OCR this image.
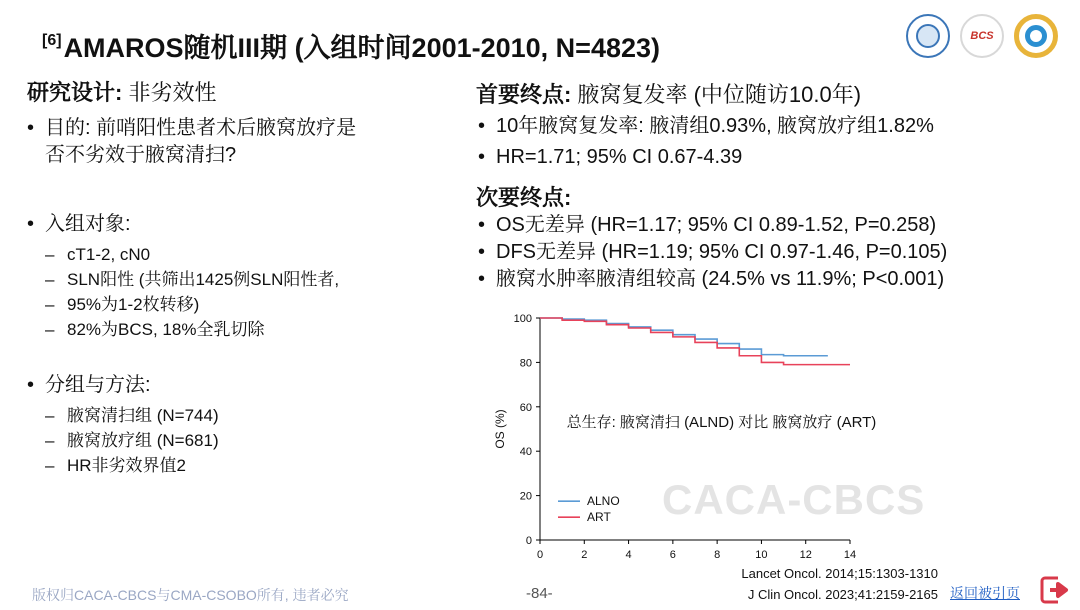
[6]AMAROS随机III期 (入组时间2001-2010, N=4823)	BCS
研究设计: 非劣效性
• 目的: 前哨阳性患者术后腋窝放疗是
否不劣效于腋窝清扫?
• 入组对象:
– cT1-2, cN0
– SLN阳性 (共筛出1425例SLN阳性者,
– 95%为1-2枚转移)
– 82%为BCS, 18%全乳切除
• 分组与方法:
– 腋窝清扫组 (N=744)
– 腋窝放疗组 (N=681)
– HR非劣效界值2
首要终点: 腋窝复发率 (中位随访10.0年)
• 10年腋窝复发率: 腋清组0.93%, 腋窝放疗组1.82%
• HR=1.71; 95% CI 0.67-4.39
次要终点:
• OS无差异 (HR=1.17; 95% CI 0.89-1.52, P=0.258)
• DFS无差异 (HR=1.19; 95% CI 0.97-1.46, P=0.105)
• 腋窝水肿率腋清组较高 (24.5% vs 11.9%; P<0.001)
CACA-CBCS
0
20
40
60
80
100
0	2	4	6	8	10	12	14
OS (%)	总生存: 腋窝清扫 (ALND) 对比 腋窝放疗 (ART)
ALNO
ART
Lancet Oncol. 2014;15:1303-1310
J Clin Oncol. 2023;41:2159-2165
版权归CACA-CBCS与CMA-CSOBO所有, 违者必究	-84-	返回被引页
